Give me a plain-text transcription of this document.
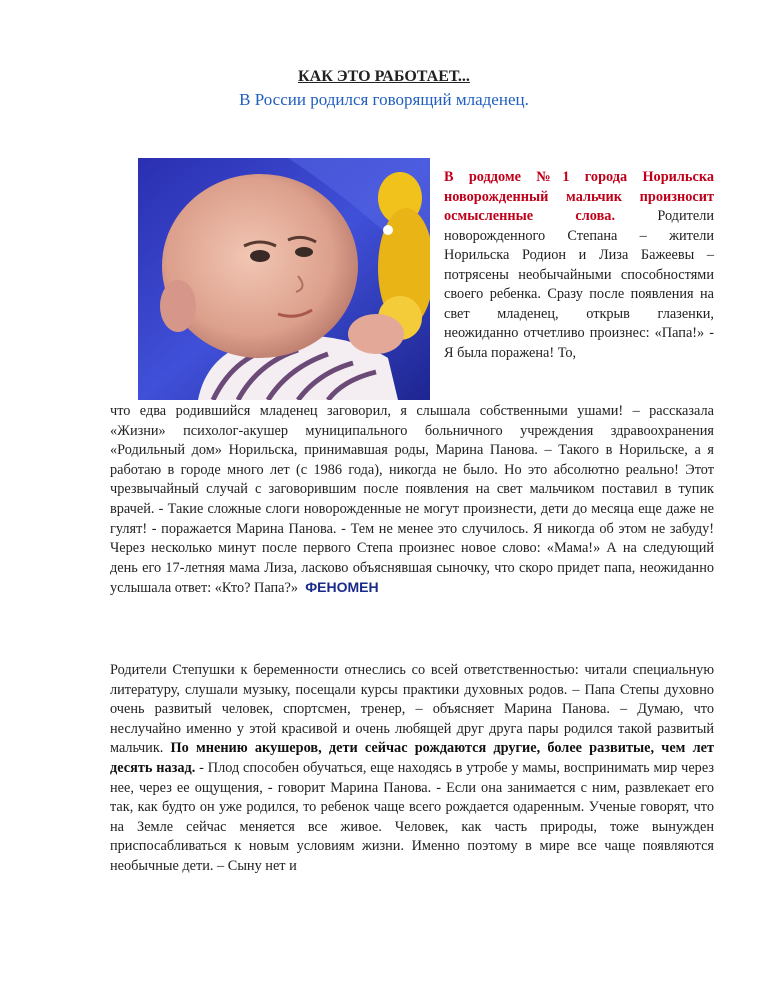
КАК ЭТО РАБОТАЕТ...
В России родился говорящий младенец.
В роддоме №1 города Норильска новорожденный мальчик произносит осмысленные слова. Родители новорожденного Степана – жители Норильска Родион и Лиза Бажеевы – потрясены необычайными способностями своего ребенка. Сразу после появления на свет младенец, открыв глазенки, неожиданно отчетливо произнес: «Папа!» - Я была поражена! То,
что едва родившийся младенец заговорил, я слышала собственными ушами! – рассказала «Жизни» психолог-акушер муниципального больничного учреждения здравоохранения «Родильный дом» Норильска, принимавшая роды, Марина Панова. – Такого в Норильске, а я работаю в городе много лет (с 1986 года), никогда не было. Но это абсолютно реально! Этот чрезвычайный случай с заговорившим после появления на свет мальчиком поставил в тупик врачей. - Такие сложные слоги новорожденные не могут произнести, дети до месяца еще даже не гулят! - поражается Марина Панова. - Тем не менее это случилось. Я никогда об этом не забуду! Через несколько минут после первого Степа произнес новое слово: «Мама!» А на следующий день его 17-летняя мама Лиза, ласково объяснявшая сыночку, что скоро придет папа, неожиданно услышала ответ: «Кто? Папа?» ФЕНОМЕН
Родители Степушки к беременности отнеслись со всей ответственностью: читали специальную литературу, слушали музыку, посещали курсы практики духовных родов. – Папа Степы духовно очень развитый человек, спортсмен, тренер, – объясняет Марина Панова. – Думаю, что неслучайно именно у этой красивой и очень любящей друг друга пары родился такой развитый мальчик. По мнению акушеров, дети сейчас рождаются другие, более развитые, чем лет десять назад. - Плод способен обучаться, еще находясь в утробе у мамы, воспринимать мир через нее, через ее ощущения, - говорит Марина Панова. - Если она занимается с ним, развлекает его так, как будто он уже родился, то ребенок чаще всего рождается одаренным. Ученые говорят, что на Земле сейчас меняется все живое. Человек, как часть природы, тоже вынужден приспосабливаться к новым условиям жизни. Именно поэтому в мире все чаще появляются необычные дети. – Сыну нет и
